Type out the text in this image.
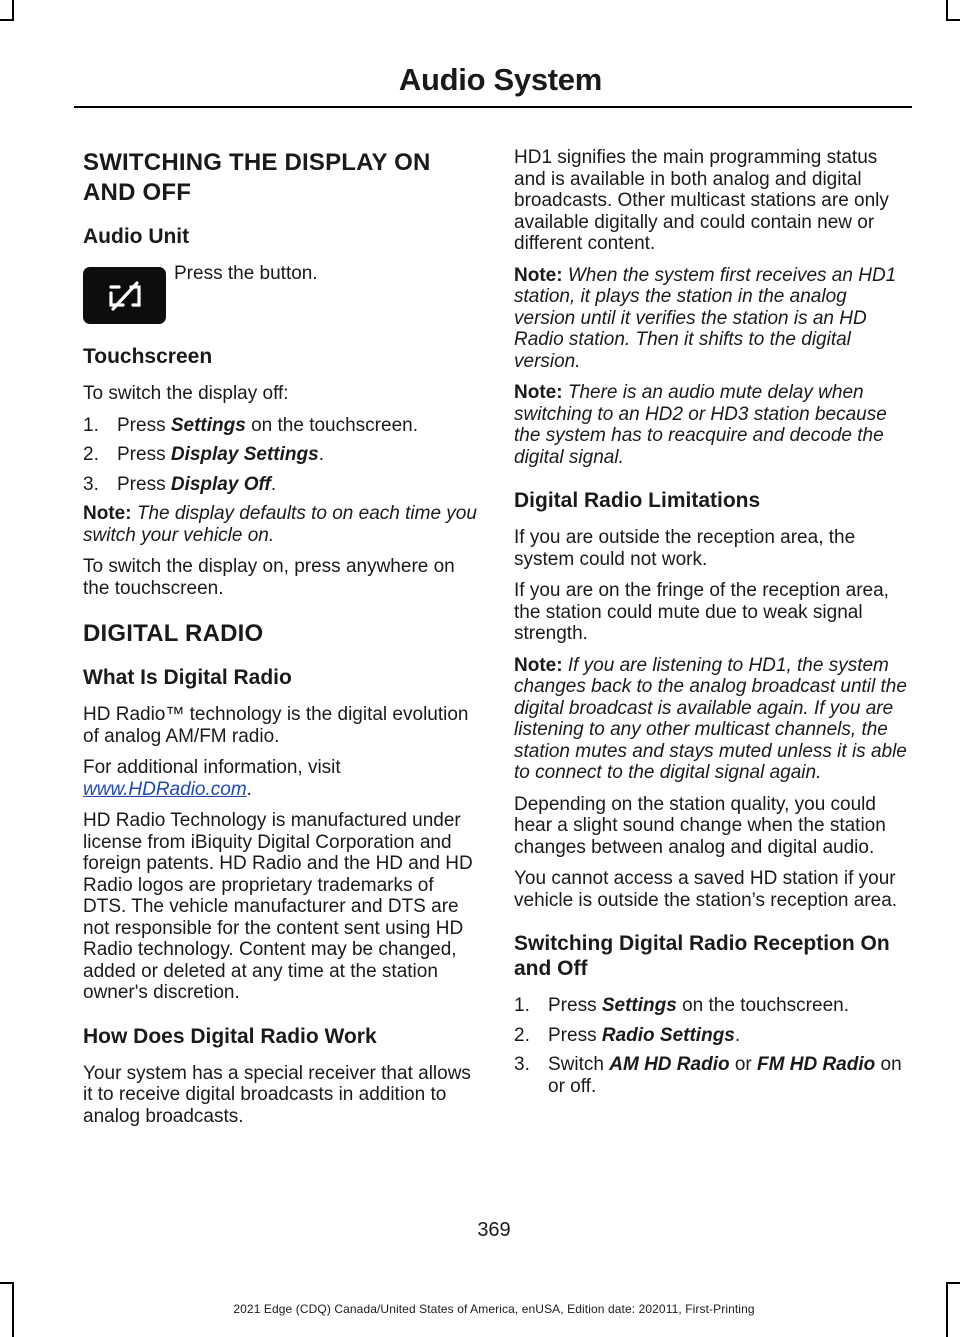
Audio System
SWITCHING THE DISPLAY ON
AND OFF
Audio Unit

Press the button.

Touchscreen

To switch the display off:

1. Press Settings on the touchscreen.
2. Press Display Settings.
3. Press Display Off.

Note: The display defaults to on each time you switch your vehicle on.

To switch the display on, press anywhere on the touchscreen.

DIGITAL RADIO
What Is Digital Radio

HD Radio™ technology is the digital evolution of analog AM/FM radio.

For additional information, visit
www.HDRadio.com.

HD Radio Technology is manufactured under license from iBiquity Digital Corporation and foreign patents. HD Radio and the HD and HD Radio logos are proprietary trademarks of DTS. The vehicle manufacturer and DTS are not responsible for the content sent using HD Radio technology. Content may be changed, added or deleted at any time at the station owner's discretion.

How Does Digital Radio Work

Your system has a special receiver that allows it to receive digital broadcasts in addition to analog broadcasts.

HD1 signifies the main programming status and is available in both analog and digital broadcasts. Other multicast stations are only available digitally and could contain new or different content.

Note: When the system first receives an HD1 station, it plays the station in the analog version until it verifies the station is an HD Radio station. Then it shifts to the digital version.

Note: There is an audio mute delay when switching to an HD2 or HD3 station because the system has to reacquire and decode the digital signal.

Digital Radio Limitations

If you are outside the reception area, the system could not work.

If you are on the fringe of the reception area, the station could mute due to weak signal strength.

Note: If you are listening to HD1, the system changes back to the analog broadcast until the digital broadcast is available again. If you are listening to any other multicast channels, the station mutes and stays muted unless it is able to connect to the digital signal again.

Depending on the station quality, you could hear a slight sound change when the station changes between analog and digital audio.

You cannot access a saved HD station if your vehicle is outside the station’s reception area.

Switching Digital Radio Reception On and Off
1. Press Settings on the touchscreen.
2. Press Radio Settings.
3. Switch AM HD Radio or FM HD Radio on or off.
369
2021 Edge (CDQ) Canada/United States of America, enUSA, Edition date: 202011, First-Printing
